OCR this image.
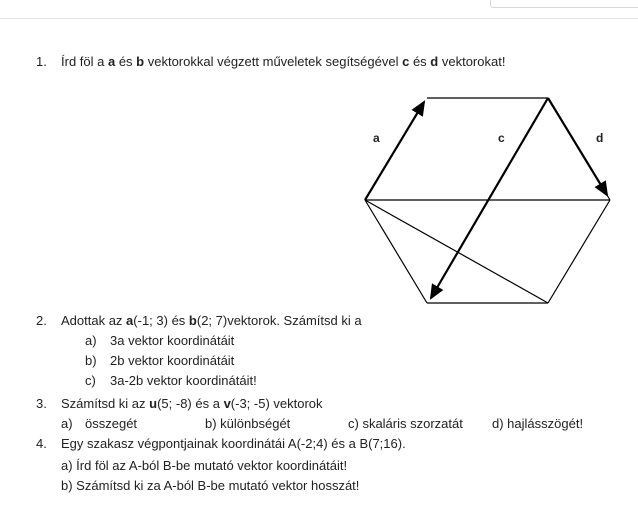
1. Írd föl a a és b vektorokkal végzett műveletek segítségével c és d vektorokat!
a	c	d
2. Adottak az a(-1; 3) és b(2; 7)vektorok. Számítsd ki a
a) 3a vektor koordinátáit
b) 2b vektor koordinátáit
c) 3a-2b vektor koordinátáit!
3. Számítsd ki az u(5; -8) és a v(-3; -5) vektorok
a) összegét	b) különbségét	c) skaláris szorzatát d) hajlásszögét!
4. Egy szakasz végpontjainak koordinátái A(-2;4) és a B(7;16).
a) Írd föl az A-ból B-be mutató vektor koordinátáit!
b) Számítsd ki za A-ból B-be mutató vektor hosszát!
